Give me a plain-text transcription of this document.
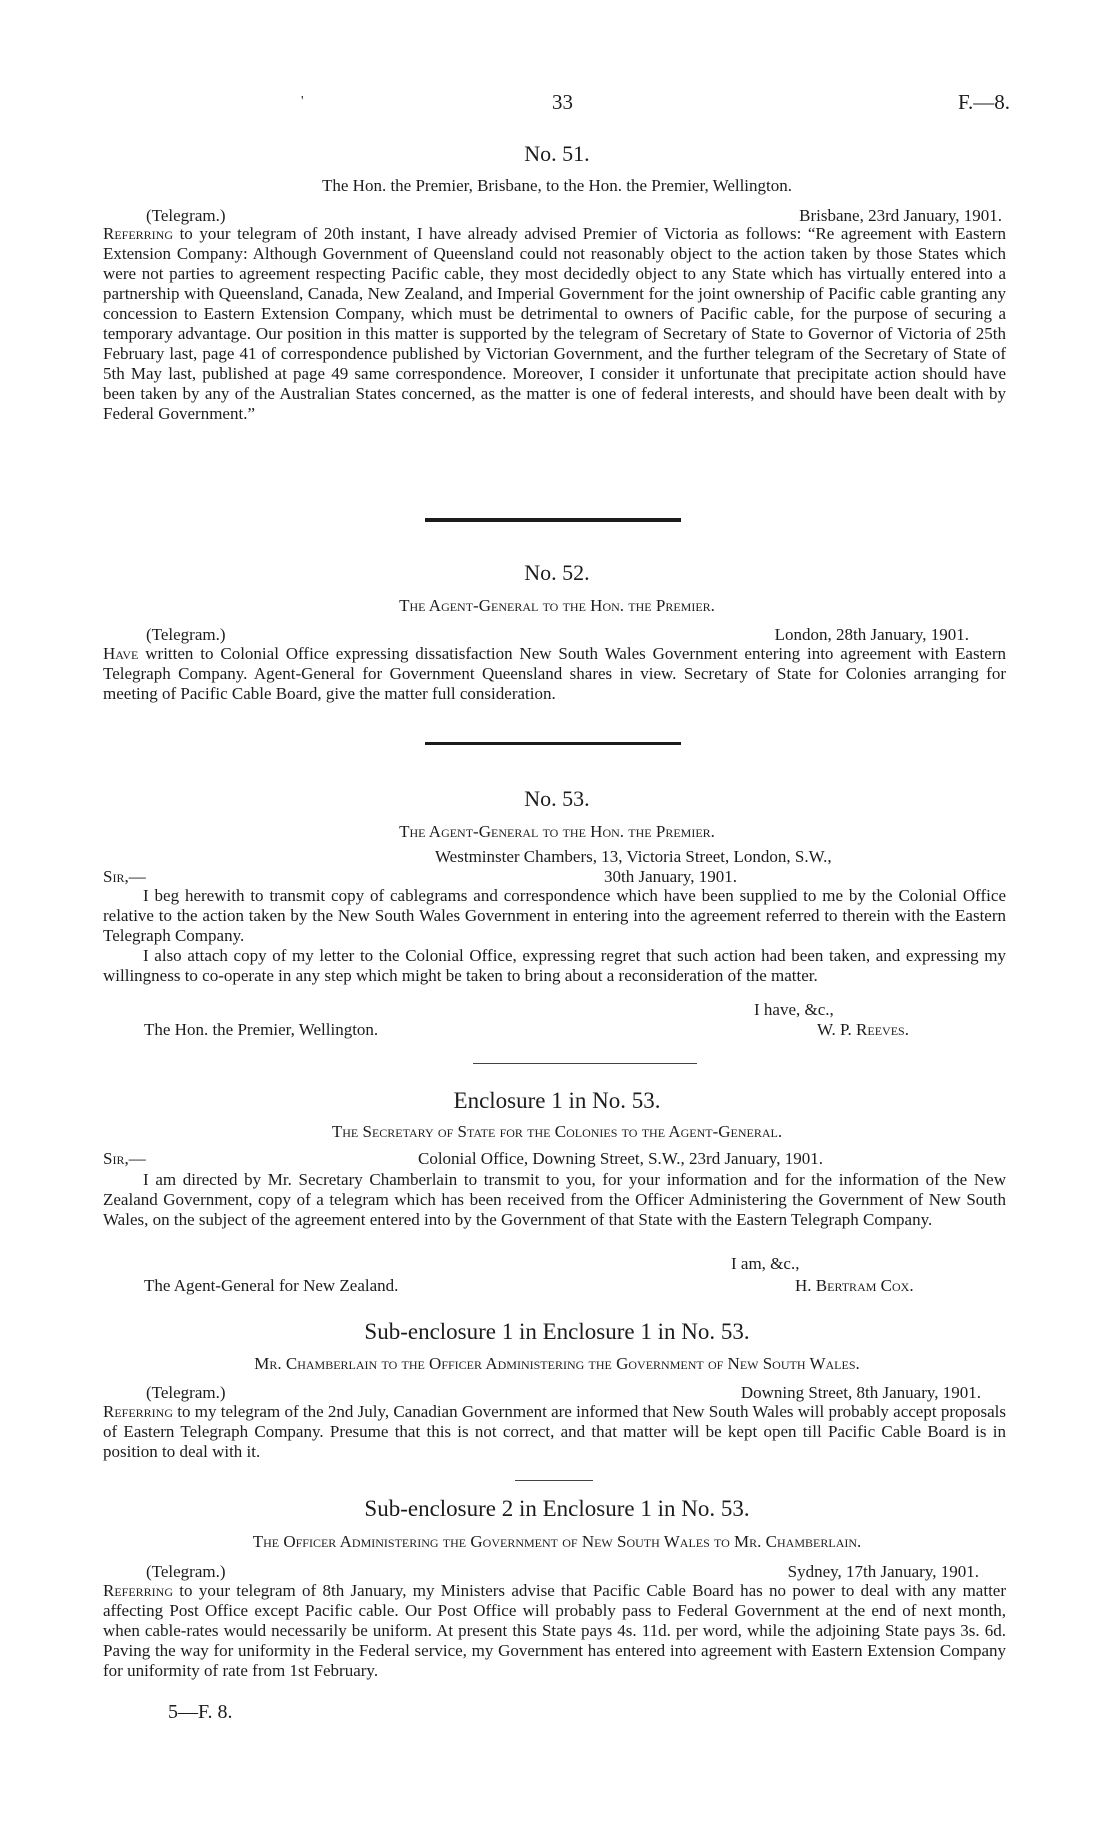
'	33	F.—8.
No. 51.
The Hon. the Premier, Brisbane, to the Hon. the Premier, Wellington.
(Telegram.)	Brisbane, 23rd January, 1901.

Referring to your telegram of 20th instant, I have already advised Premier of Victoria as follows: “Re agreement with Eastern Extension Company: Although Government of Queensland could not reasonably object to the action taken by those States which were not parties to agreement respecting Pacific cable, they most decidedly object to any State which has virtually entered into a partnership with Queensland, Canada, New Zealand, and Imperial Government for the joint ownership of Pacific cable granting any concession to Eastern Extension Company, which must be detrimental to owners of Pacific cable, for the purpose of securing a temporary advantage. Our position in this matter is supported by the telegram of Secretary of State to Governor of Victoria of 25th February last, page 41 of correspondence published by Victorian Government, and the further telegram of the Secretary of State of 5th May last, published at page 49 same correspondence. Moreover, I consider it unfortunate that precipitate action should have been taken by any of the Australian States concerned, as the matter is one of federal interests, and should have been dealt with by Federal Government.”

No. 52.
The Agent-General to the Hon. the Premier.
(Telegram.)	London, 28th January, 1901.

Have written to Colonial Office expressing dissatisfaction New South Wales Government entering into agreement with Eastern Telegraph Company. Agent-General for Government Queensland shares in view. Secretary of State for Colonies arranging for meeting of Pacific Cable Board, give the matter full consideration.

No. 53.
The Agent-General to the Hon. the Premier.
Westminster Chambers, 13, Victoria Street, London, S.W.,
Sir,—	30th January, 1901.

I beg herewith to transmit copy of cablegrams and correspondence which have been supplied to me by the Colonial Office relative to the action taken by the New South Wales Government in entering into the agreement referred to therein with the Eastern Telegraph Company.

I also attach copy of my letter to the Colonial Office, expressing regret that such action had been taken, and expressing my willingness to co-operate in any step which might be taken to bring about a reconsideration of the matter.

I have, &c.,
The Hon. the Premier, Wellington.	W. P. Reeves.
Enclosure 1 in No. 53.
The Secretary of State for the Colonies to the Agent-General.
Sir,—	Colonial Office, Downing Street, S.W., 23rd January, 1901.

I am directed by Mr. Secretary Chamberlain to transmit to you, for your information and for the information of the New Zealand Government, copy of a telegram which has been received from the Officer Administering the Government of New South Wales, on the subject of the agreement entered into by the Government of that State with the Eastern Telegraph Company.

I am, &c.,
The Agent-General for New Zealand.	H. Bertram Cox.
Sub-enclosure 1 in Enclosure 1 in No. 53.
Mr. Chamberlain to the Officer Administering the Government of New South Wales.
(Telegram.)	Downing Street, 8th January, 1901.

Referring to my telegram of the 2nd July, Canadian Government are informed that New South Wales will probably accept proposals of Eastern Telegraph Company. Presume that this is not correct, and that matter will be kept open till Pacific Cable Board is in position to deal with it.

Sub-enclosure 2 in Enclosure 1 in No. 53.
The Officer Administering the Government of New South Wales to Mr. Chamberlain.
(Telegram.)	Sydney, 17th January, 1901.

Referring to your telegram of 8th January, my Ministers advise that Pacific Cable Board has no power to deal with any matter affecting Post Office except Pacific cable. Our Post Office will probably pass to Federal Government at the end of next month, when cable-rates would necessarily be uniform. At present this State pays 4s. 11d. per word, while the adjoining State pays 3s. 6d. Paving the way for uniformity in the Federal service, my Government has entered into agreement with Eastern Extension Company for uniformity of rate from 1st February.

5—F. 8.
